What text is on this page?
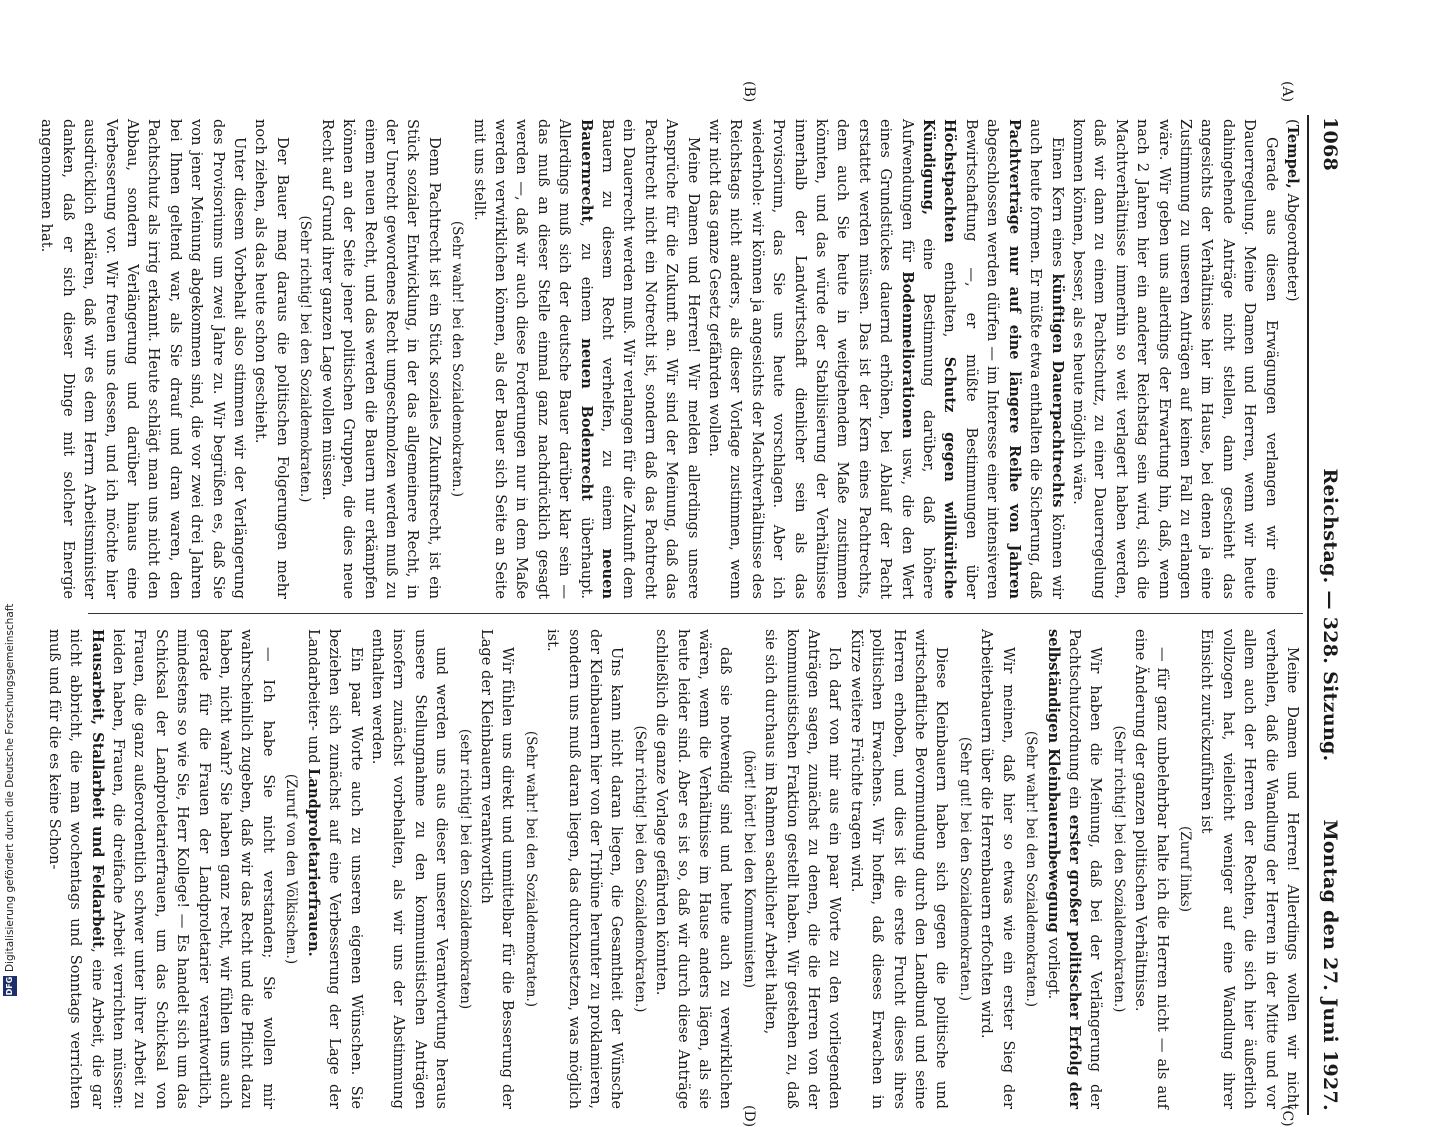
1068
Reichstag. — 328. Sitzung.
Montag den 27. Juni 1927.
(A)
(B)
(C)
(D)

(Tempel, Abgeordneter)

Gerade aus diesen Erwägungen verlangen wir eine Dauerregelung. Meine Damen und Herren, wenn wir heute dahingehende Anträge nicht stellen, dann geschieht das angesichts der Verhältnisse hier im Hause, bei denen ja eine Zustimmung zu unseren Anträgen auf keinen Fall zu erlangen wäre. Wir geben uns allerdings der Erwartung hin, daß, wenn nach 2 Jahren hier ein anderer Reichstag sein wird, sich die Machtverhältnisse immerhin so weit verlagert haben werden, daß wir dann zu einem Pachtschutz, zu einer Dauerregelung kommen können, besser, als es heute möglich wäre.

Einen Kern eines künftigen Dauerpachtrechts können wir auch heute formen. Er müßte etwa enthalten die Sicherung, daß Pachtverträge nur auf eine längere Reihe von Jahren abgeschlossen werden dürfen — im Interesse einer intensiveren Bewirtschaftung —, er müßte Bestimmungen über Höchstpachten enthalten, Schutz gegen willkürliche Kündigung, eine Bestimmung darüber, daß höhere Aufwendungen für Bodenmeliorationen usw., die den Wert eines Grundstückes dauernd erhöhen, bei Ablauf der Pacht erstattet werden müssen. Das ist der Kern eines Pachtrechts, dem auch Sie heute in weitgehendem Maße zustimmen könnten, und das würde der Stabilisierung der Verhältnisse innerhalb der Landwirtschaft dienlicher sein als das Provisorium, das Sie uns heute vorschlagen. Aber ich wiederhole: wir können ja angesichts der Machtverhältnisse des Reichstags nicht anders, als dieser Vorlage zustimmen, wenn wir nicht das ganze Gesetz gefährden wollen.

Meine Damen und Herren! Wir melden allerdings unsere Ansprüche für die Zukunft an. Wir sind der Meinung, daß das Pachtrecht nicht ein Notrecht ist, sondern daß das Pachtrecht ein Dauerrecht werden muß. Wir verlangen für die Zukunft dem Bauern zu diesem Recht verhelfen, zu einem neuen Bauernrecht, zu einem neuen Bodenrecht überhaupt. Allerdings muß sich der deutsche Bauer darüber klar sein — das muß an dieser Stelle einmal ganz nachdrücklich gesagt werden —, daß wir auch diese Forderungen nur in dem Maße werden verwirklichen können, als der Bauer sich Seite an Seite mit uns stellt.

(Sehr wahr! bei den Sozialdemokraten.)

Denn Pachtrecht ist ein Stück soziales Zukunftsrecht, ist ein Stück sozialer Entwicklung, in der das allgemeinere Recht, in der Unrecht gewordenes Recht umgeschmolzen werden muß zu einem neuen Recht, und das werden die Bauern nur erkämpfen können an der Seite jener politischen Gruppen, die dies neue Recht auf Grund ihrer ganzen Lage wollen müssen.

(Sehr richtig! bei den Sozialdemokraten.)

Der Bauer mag daraus die politischen Folgerungen mehr noch ziehen, als das heute schon geschieht.

Unter diesem Vorbehalt also stimmen wir der Verlängerung des Provisoriums um zwei Jahre zu. Wir begrüßen es, daß Sie von jener Meinung abgekommen sind, die vor zwei drei Jahren bei Ihnen geltend war, als Sie drauf und dran waren, den Pachtschutz als irrig erkannt. Heute schlägt man uns nicht den Abbau, sondern Verlängerung und darüber hinaus eine Verbesserung vor. Wir freuen uns dessen, und ich möchte hier ausdrücklich erklären, daß wir es dem Herrn Arbeitsminister danken, daß er sich dieser Dinge mit solcher Energie angenommen hat.

Meine Damen und Herren! Allerdings wollen wir nicht verhehlen, daß die Wandlung der Herren in der Mitte und vor allem auch der Herren der Rechten, die sich hier äußerlich vollzogen hat, vielleicht weniger auf eine Wandlung ihrer Einsicht zurückzuführen ist

(Zuruf links)

— für ganz unbelehrbar halte ich die Herren nicht — als auf eine Änderung der ganzen politischen Verhältnisse.

(Sehr richtig! bei den Sozialdemokraten.)

Wir haben die Meinung, daß bei der Verlängerung der Pachtschutzordnung ein erster großer politischer Erfolg der selbständigen Kleinbauernbewegung vorliegt.

(Sehr wahr! bei den Sozialdemokraten.)

Wir meinen, daß hier so etwas wie ein erster Sieg der Arbeiterbauern über die Herrenbauern erfochten wird.

(Sehr gut! bei den Sozialdemokraten.)

Diese Kleinbauern haben sich gegen die politische und wirtschaftliche Bevormundung durch den Landbund und seine Herren erhoben, und dies ist die erste Frucht dieses ihres politischen Erwachens. Wir hoffen, daß dieses Erwachen in Kürze weitere Früchte tragen wird.

Ich darf von mir aus ein paar Worte zu den vorliegenden Anträgen sagen, zunächst zu denen, die die Herren von der kommunistischen Fraktion gestellt haben. Wir gestehen zu, daß sie sich durchaus im Rahmen sachlicher Arbeit halten,

(hört! hört! bei den Kommunisten)

daß sie notwendig sind und heute auch zu verwirklichen wären, wenn die Verhältnisse im Hause anders lägen, als sie heute leider sind. Aber es ist so, daß wir durch diese Anträge schließlich die ganze Vorlage gefährden könnten.

(Sehr richtig! bei den Sozialdemokraten.)

Uns kann nicht daran liegen, die Gesamtheit der Wünsche der Kleinbauern hier von der Tribüne herunter zu proklamieren, sondern uns muß daran liegen, das durchzusetzen, was möglich ist.

(Sehr wahr! bei den Sozialdemokraten.)

Wir fühlen uns direkt und unmittelbar für die Besserung der Lage der Kleinbauern verantwortlich

(sehr richtig! bei den Sozialdemokraten)

und werden uns aus dieser unserer Verantwortung heraus unsere Stellungnahme zu den kommunistischen Anträgen insofern zunächst vorbehalten, als wir uns der Abstimmung enthalten werden.

Ein paar Worte auch zu unseren eigenen Wünschen. Sie beziehen sich zunächst auf eine Verbesserung der Lage der Landarbeiter- und Landproletarierfrauen.

(Zuruf von den Völkischen.)

— Ich habe Sie nicht verstanden; Sie wollen mir wahrscheinlich zugeben, daß wir das Recht und die Pflicht dazu haben, nicht wahr? Sie haben ganz recht, wir fühlen uns auch gerade für die Frauen der Landproletarier verantwortlich, mindestens so wie Sie, Herr Kollege! — Es handelt sich um das Schicksal der Landproletarierfrauen, um das Schicksal von Frauen, die ganz außerordentlich schwer unter ihrer Arbeit zu leiden haben, Frauen, die dreifache Arbeit verrichten müssen: Hausarbeit, Stallarbeit und Feldarbeit, eine Arbeit, die gar nicht abbricht, die man wochentags und Sonntags verrichten muß und für die es keine Schon-

DFG
Digitalisierung gefördert durch die Deutsche Forschungsgemeinschaft
